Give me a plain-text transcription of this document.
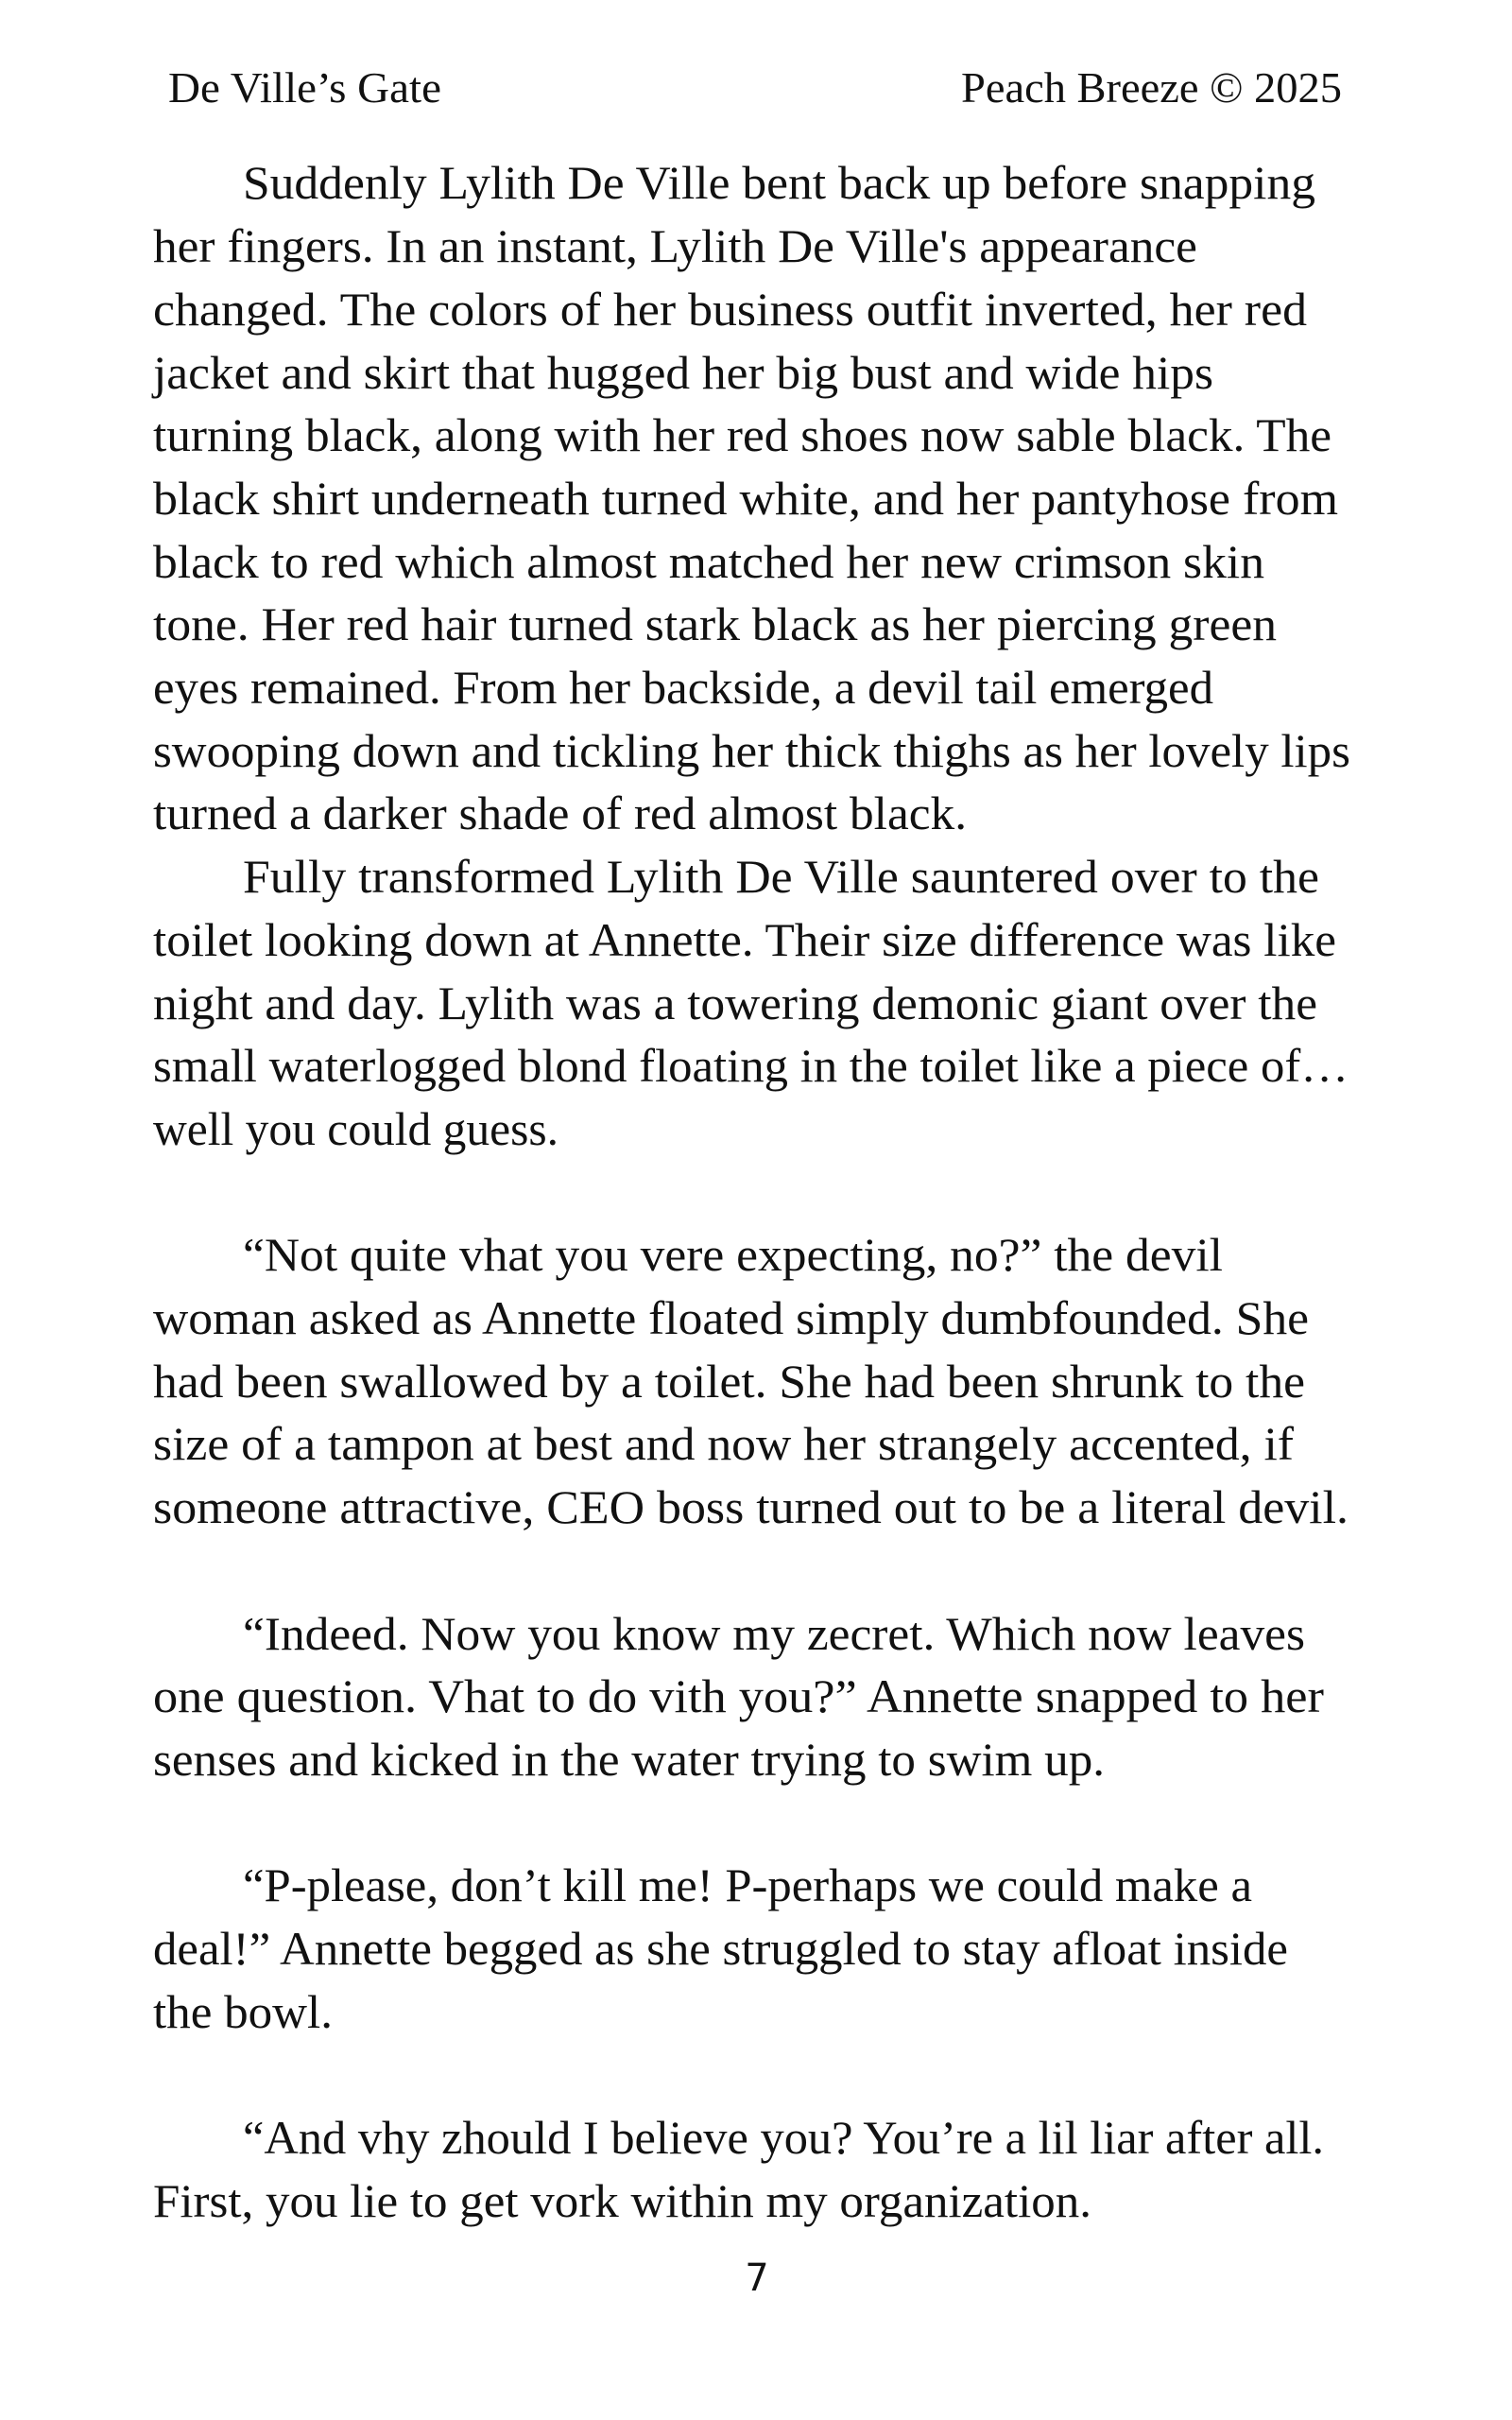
De Ville’s Gate	Peach Breeze © 2025
Suddenly Lylith De Ville bent back up before snapping
her fingers. In an instant, Lylith De Ville's appearance
changed. The colors of her business outfit inverted, her red
jacket and skirt that hugged her big bust and wide hips
turning black, along with her red shoes now sable black. The
black shirt underneath turned white, and her pantyhose from
black to red which almost matched her new crimson skin
tone. Her red hair turned stark black as her piercing green
eyes remained. From her backside, a devil tail emerged
swooping down and tickling her thick thighs as her lovely lips
turned a darker shade of red almost black.
Fully transformed Lylith De Ville sauntered over to the
toilet looking down at Annette. Their size difference was like
night and day. Lylith was a towering demonic giant over the
small waterlogged blond floating in the toilet like a piece of…
well you could guess.
“Not quite vhat you vere expecting, no?” the devil
woman asked as Annette floated simply dumbfounded. She
had been swallowed by a toilet. She had been shrunk to the
size of a tampon at best and now her strangely accented, if
someone attractive, CEO boss turned out to be a literal devil.
“Indeed. Now you know my zecret. Which now leaves
one question. Vhat to do vith you?” Annette snapped to her
senses and kicked in the water trying to swim up.
“P-please, don’t kill me! P-perhaps we could make a
deal!” Annette begged as she struggled to stay afloat inside
the bowl.
“And vhy zhould I believe you? You’re a lil liar after all.
First, you lie to get vork within my organization.
7
